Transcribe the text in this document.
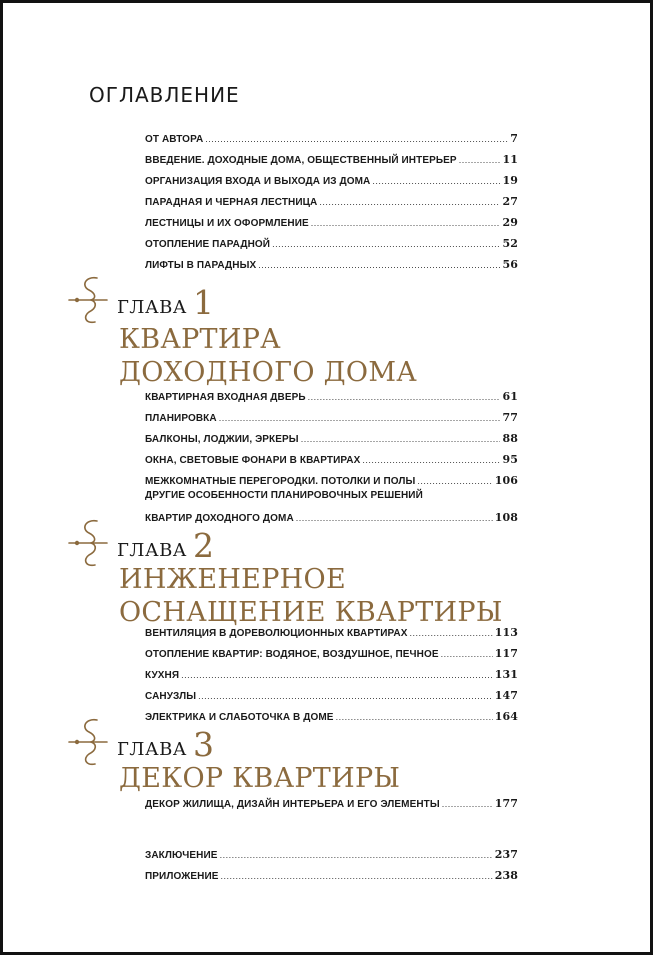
ОГЛАВЛЕНИЕ
ОТ АВТОРА .....	7
ВВЕДЕНИЕ. ДОХОДНЫЕ ДОМА, ОБЩЕСТВЕННЫЙ ИНТЕРЬЕР .....	11
ОРГАНИЗАЦИЯ ВХОДА И ВЫХОДА ИЗ ДОМА .....	19
ПАРАДНАЯ И ЧЕРНАЯ ЛЕСТНИЦА .....	27
ЛЕСТНИЦЫ И ИХ ОФОРМЛЕНИЕ .....	29
ОТОПЛЕНИЕ ПАРАДНОЙ .....	52
ЛИФТЫ В ПАРАДНЫХ .....	56
ГЛАВА 1
КВАРТИРА
ДОХОДНОГО ДОМА
КВАРТИРНАЯ ВХОДНАЯ ДВЕРЬ .....	61
ПЛАНИРОВКА .....	77
БАЛКОНЫ, ЛОДЖИИ, ЭРКЕРЫ .....	88
ОКНА, СВЕТОВЫЕ ФОНАРИ В КВАРТИРАХ .....	95
МЕЖКОМНАТНЫЕ ПЕРЕГОРОДКИ. ПОТОЛКИ И ПОЛЫ .....	106
ДРУГИЕ ОСОБЕННОСТИ ПЛАНИРОВОЧНЫХ РЕШЕНИЙ
КВАРТИР ДОХОДНОГО ДОМА .....	108
ГЛАВА 2
ИНЖЕНЕРНОЕ
ОСНАЩЕНИЕ КВАРТИРЫ
ВЕНТИЛЯЦИЯ В ДОРЕВОЛЮЦИОННЫХ КВАРТИРАХ .....	113
ОТОПЛЕНИЕ КВАРТИР: ВОДЯНОЕ, ВОЗДУШНОЕ, ПЕЧНОЕ .....	117
КУХНЯ .....	131
САНУЗЛЫ .....	147
ЭЛЕКТРИКА И СЛАБОТОЧКА В ДОМЕ .....	164
ГЛАВА 3
ДЕКОР КВАРТИРЫ
ДЕКОР ЖИЛИЩА, ДИЗАЙН ИНТЕРЬЕРА И ЕГО ЭЛЕМЕНТЫ .....	177
ЗАКЛЮЧЕНИЕ .....	237
ПРИЛОЖЕНИЕ .....	238
